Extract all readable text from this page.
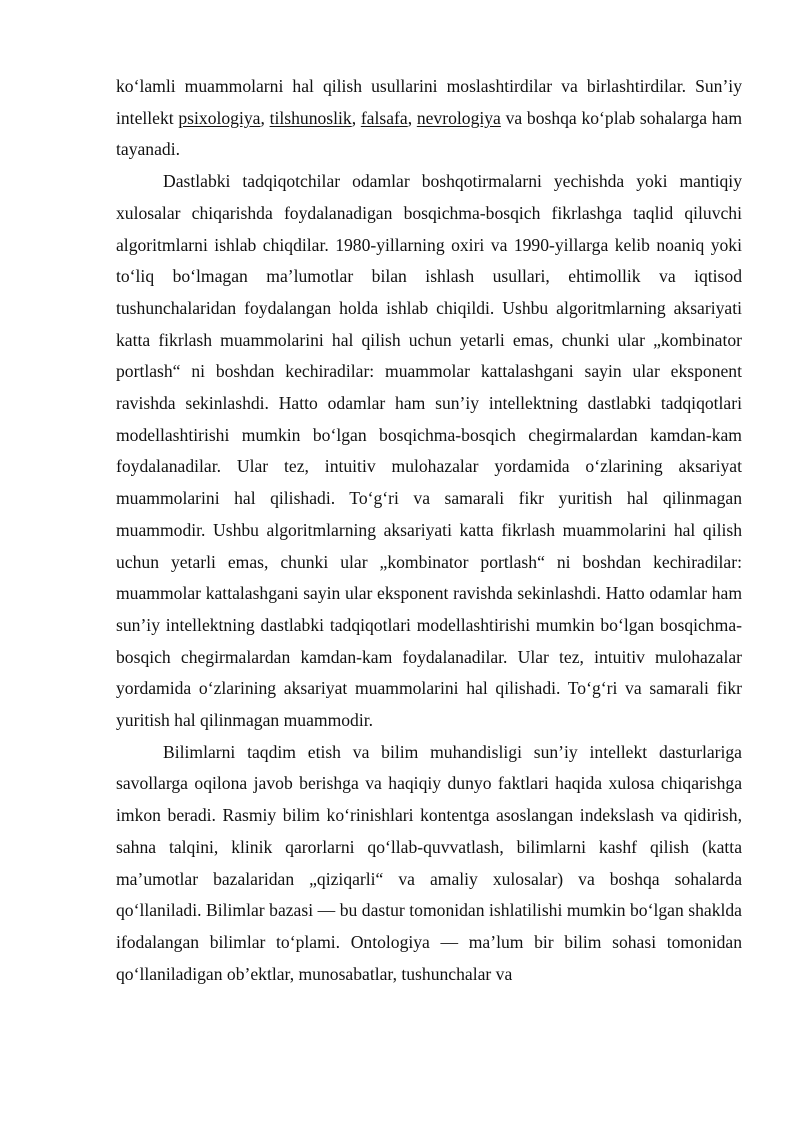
ko‘lamli muammolarni hal qilish usullarini moslashtirdilar va birlashtirdilar. Sun’iy intellekt psixologiya, tilshunoslik, falsafa, nevrologiya va boshqa ko‘plab sohalarga ham tayanadi.

Dastlabki tadqiqotchilar odamlar boshqotirmalarni yechishda yoki mantiqiy xulosalar chiqarishda foydalanadigan bosqichma-bosqich fikrlashga taqlid qiluvchi algoritmlarni ishlab chiqdilar. 1980-yillarning oxiri va 1990-yillarga kelib noaniq yoki to‘liq bo‘lmagan ma’lumotlar bilan ishlash usullari, ehtimollik va iqtisod tushunchalaridan foydalangan holda ishlab chiqildi. Ushbu algoritmlarning aksariyati katta fikrlash muammolarini hal qilish uchun yetarli emas, chunki ular „kombinator portlash“ ni boshdan kechiradilar: muammolar kattalashgani sayin ular eksponent ravishda sekinlashdi. Hatto odamlar ham sun’iy intellektning dastlabki tadqiqotlari modellashtirishi mumkin bo‘lgan bosqichma-bosqich chegirmalardan kamdan-kam foydalanadilar. Ular tez, intuitiv mulohazalar yordamida o‘zlarining aksariyat muammolarini hal qilishadi. To‘g‘ri va samarali fikr yuritish hal qilinmagan muammodir. Ushbu algoritmlarning aksariyati katta fikrlash muammolarini hal qilish uchun yetarli emas, chunki ular „kombinator portlash“ ni boshdan kechiradilar: muammolar kattalashgani sayin ular eksponent ravishda sekinlashdi. Hatto odamlar ham sun’iy intellektning dastlabki tadqiqotlari modellashtirishi mumkin bo‘lgan bosqichma-bosqich chegirmalardan kamdan-kam foydalanadilar. Ular tez, intuitiv mulohazalar yordamida o‘zlarining aksariyat muammolarini hal qilishadi. To‘g‘ri va samarali fikr yuritish hal qilinmagan muammodir.

Bilimlarni taqdim etish va bilim muhandisligi sun’iy intellekt dasturlariga savollarga oqilona javob berishga va haqiqiy dunyo faktlari haqida xulosa chiqarishga imkon beradi. Rasmiy bilim ko‘rinishlari kontentga asoslangan indekslash va qidirish, sahna talqini, klinik qarorlarni qo‘llab-quvvatlash, bilimlarni kashf qilish (katta ma’umotlar bazalaridan „qiziqarli“ va amaliy xulosalar) va boshqa sohalarda qo‘llaniladi. Bilimlar bazasi — bu dastur tomonidan ishlatilishi mumkin bo‘lgan shaklda ifodalangan bilimlar to‘plami. Ontologiya — ma’lum bir bilim sohasi tomonidan qo‘llaniladigan ob’ektlar, munosabatlar, tushunchalar va
